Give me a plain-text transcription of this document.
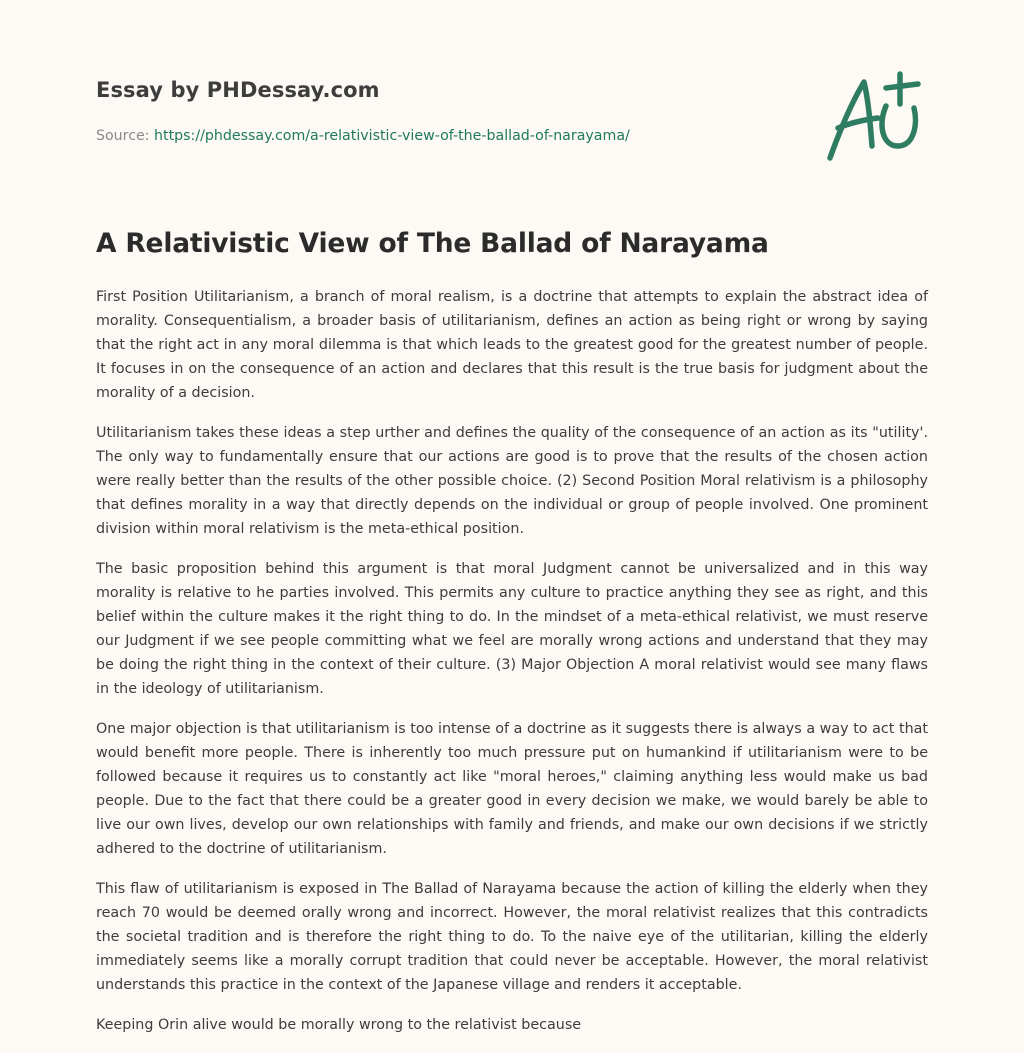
Essay by PHDessay.com
Source: https://phdessay.com/a-relativistic-view-of-the-ballad-of-narayama/
A Relativistic View of The Ballad of Narayama

First Position Utilitarianism, a branch of moral realism, is a doctrine that attempts to explain the abstract idea of morality. Consequentialism, a broader basis of utilitarianism, defines an action as being right or wrong by saying that the right act in any moral dilemma is that which leads to the greatest good for the greatest number of people. It focuses in on the consequence of an action and declares that this result is the true basis for judgment about the morality of a decision.

Utilitarianism takes these ideas a step urther and defines the quality of the consequence of an action as its "utility'. The only way to fundamentally ensure that our actions are good is to prove that the results of the chosen action were really better than the results of the other possible choice. (2) Second Position Moral relativism is a philosophy that defines morality in a way that directly depends on the individual or group of people involved. One prominent division within moral relativism is the meta-ethical position.

The basic proposition behind this argument is that moral Judgment cannot be universalized and in this way morality is relative to he parties involved. This permits any culture to practice anything they see as right, and this belief within the culture makes it the right thing to do. In the mindset of a meta-ethical relativist, we must reserve our Judgment if we see people committing what we feel are morally wrong actions and understand that they may be doing the right thing in the context of their culture. (3) Major Objection A moral relativist would see many flaws in the ideology of utilitarianism.

One major objection is that utilitarianism is too intense of a doctrine as it suggests there is always a way to act that would benefit more people. There is inherently too much pressure put on humankind if utilitarianism were to be followed because it requires us to constantly act like "moral heroes," claiming anything less would make us bad people. Due to the fact that there could be a greater good in every decision we make, we would barely be able to live our own lives, develop our own relationships with family and friends, and make our own decisions if we strictly adhered to the doctrine of utilitarianism.

This flaw of utilitarianism is exposed in The Ballad of Narayama because the action of killing the elderly when they reach 70 would be deemed orally wrong and incorrect. However, the moral relativist realizes that this contradicts the societal tradition and is therefore the right thing to do. To the naive eye of the utilitarian, killing the elderly immediately seems like a morally corrupt tradition that could never be acceptable. However, the moral relativist understands this practice in the context of the Japanese village and renders it acceptable.

Keeping Orin alive would be morally wrong to the relativist because
